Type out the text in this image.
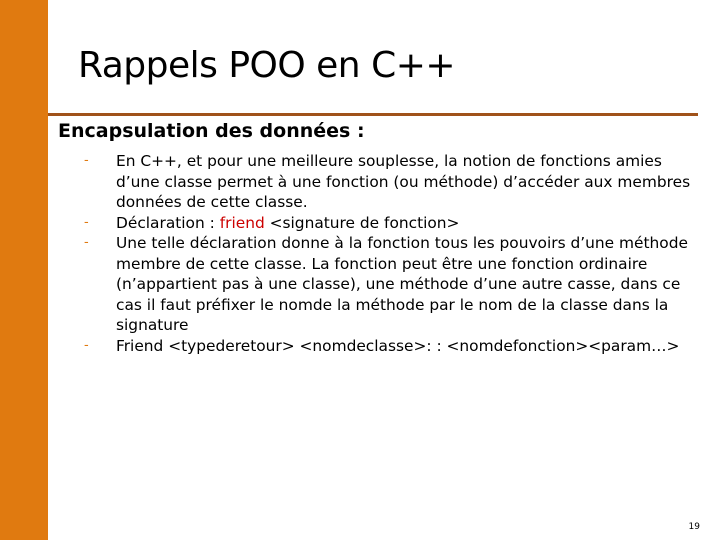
Rappels POO en C++
Encapsulation des données :
-	En C++, et pour une meilleure souplesse, la notion de fonctions amies d’une classe permet à une fonction (ou méthode) d’accéder aux membres données de cette classe.
-	Déclaration : friend <signature de fonction>
-	Une telle déclaration donne à la fonction tous les pouvoirs d’une méthode membre de cette classe. La fonction peut être une fonction ordinaire (n’appartient pas à une classe), une méthode d’une autre casse, dans ce cas il faut préfixer le nomde la méthode par le nom de la classe dans la signature
-	Friend <typederetour> <nomdeclasse>: : <nomdefonction><param…>
19
